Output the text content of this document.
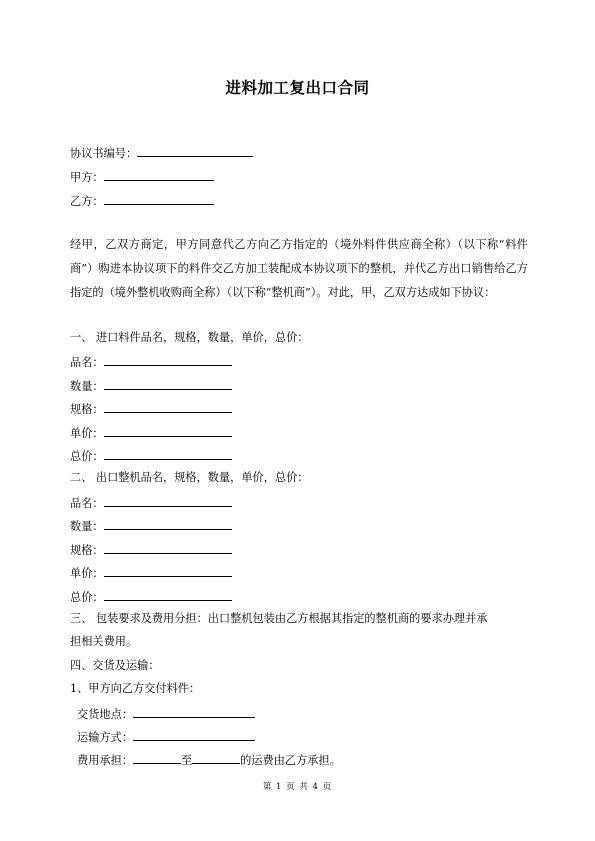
进料加工复出口合同
协议书编号：
甲方：
乙方：
经甲，乙双方商定，甲方同意代乙方向乙方指定的（境外料件供应商全称）（以下称“料件商”）购进本协议项下的料件交乙方加工装配成本协议项下的整机，并代乙方出口销售给乙方指定的（境外整机收购商全称）（以下称“整机商”）。对此，甲，乙双方达成如下协议：
一、 进口料件品名，规格，数量，单价，总价：
品名：
数量：
规格：
单价：
总价：
二、 出口整机品名，规格，数量，单价，总价：
品名：
数量：
规格：
单价：
总价：
三、 包装要求及费用分担：出口整机包装由乙方根据其指定的整机商的要求办理并承
担相关费用。
四、交货及运输：
1、甲方向乙方交付料件：
交货地点：
运输方式：
费用承担：	至	的运费由乙方承担。
第 1 页 共 4 页
